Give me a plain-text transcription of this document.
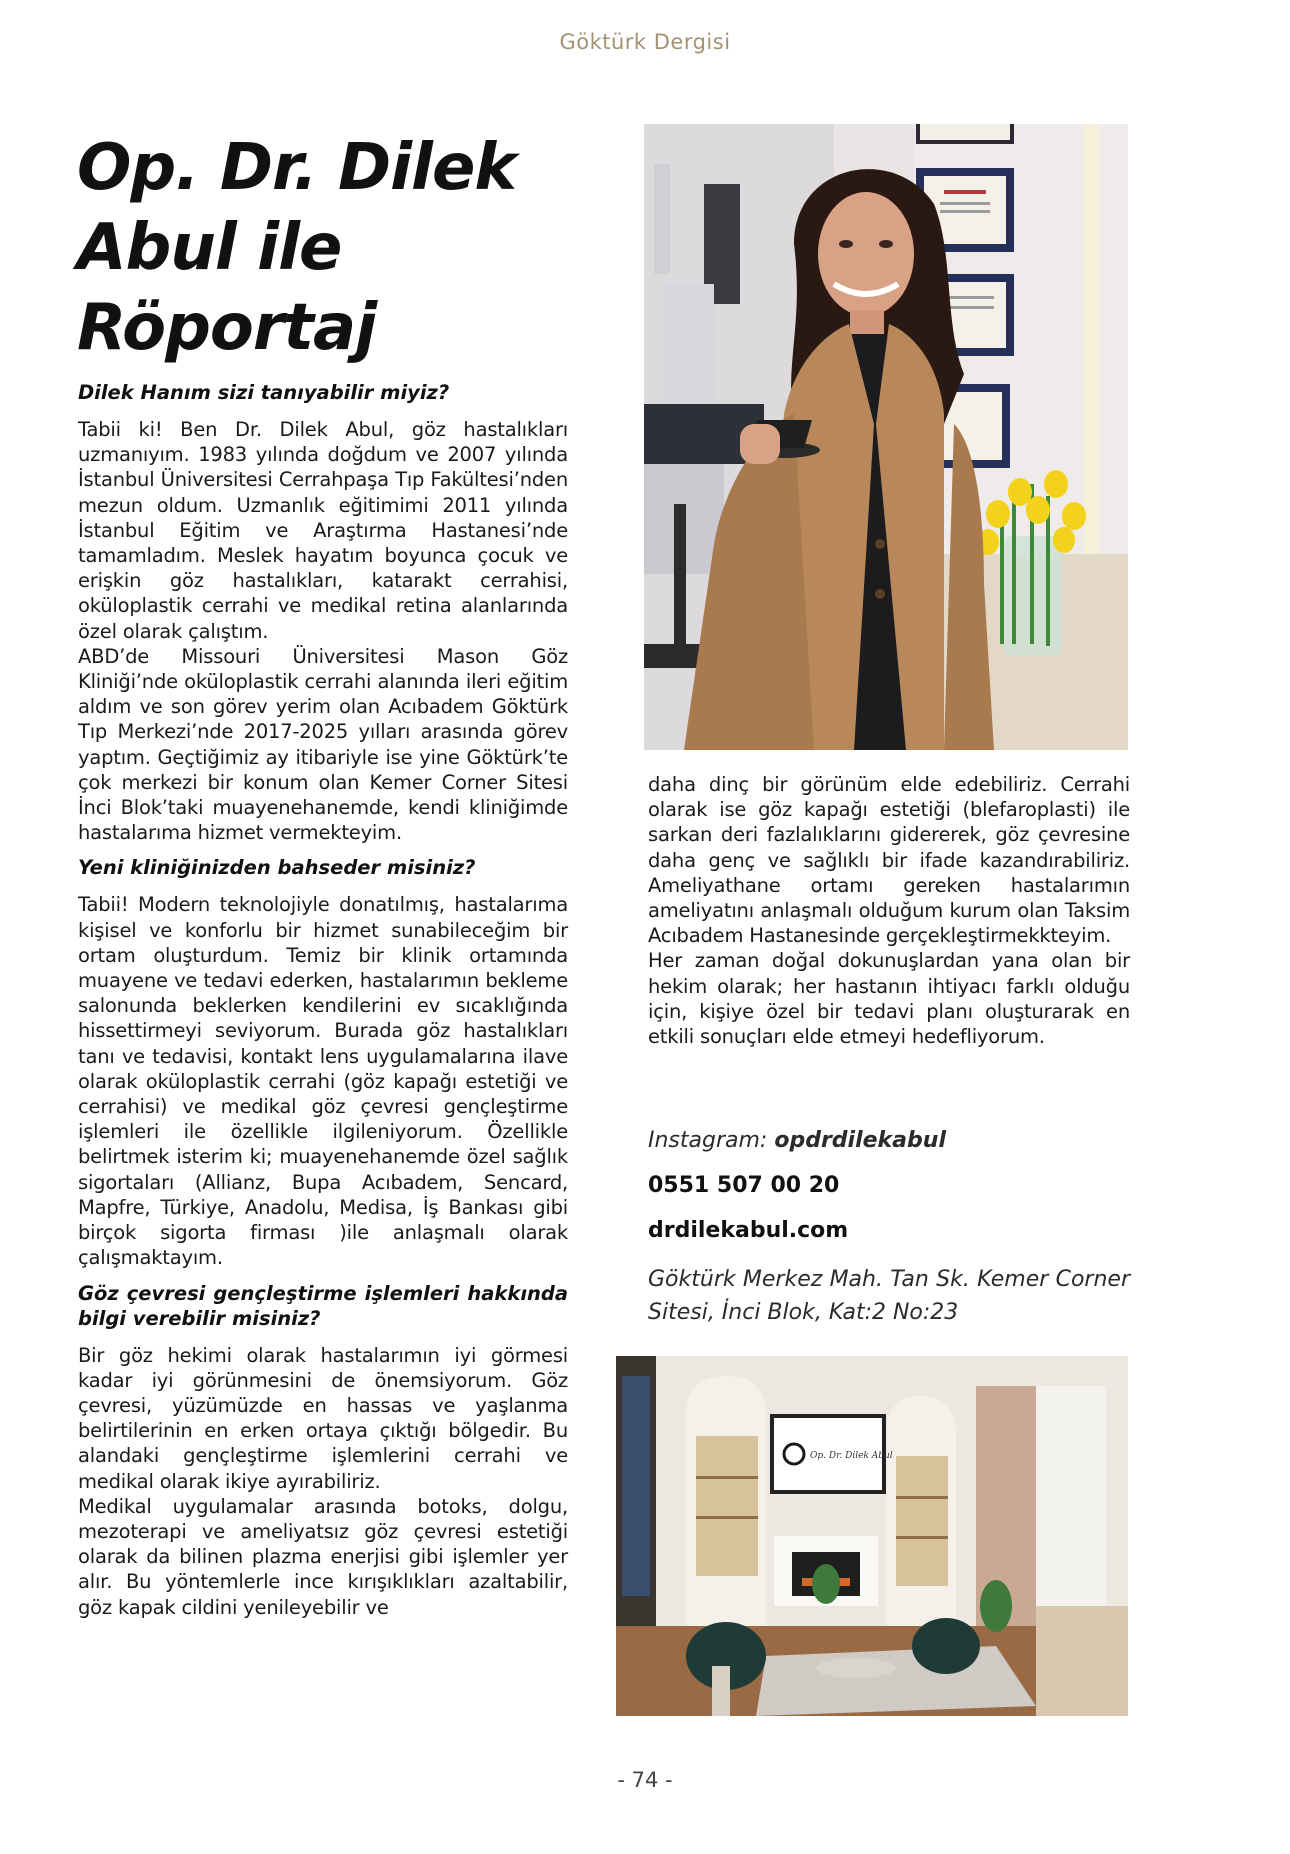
Göktürk Dergisi
Op. Dr. Dilek
Abul ile
Röportaj

Dilek Hanım sizi tanıyabilir miyiz?

Tabii ki! Ben Dr. Dilek Abul, göz hastalıkları uzmanıyım. 1983 yılında doğdum ve 2007 yılında İstanbul Üniversitesi Cerrahpaşa Tıp Fakültesi’nden mezun oldum. Uzmanlık eğitimimi 2011 yılında İstanbul Eğitim ve Araştırma Hastanesi’nde tamamladım. Meslek hayatım boyunca çocuk ve erişkin göz hastalıkları, katarakt cerrahisi, oküloplastik cerrahi ve medikal retina alanlarında özel olarak çalıştım.

ABD’de Missouri Üniversitesi Mason Göz Kliniği’nde oküloplastik cerrahi alanında ileri eğitim aldım ve son görev yerim olan Acıbadem Göktürk Tıp Merkezi’nde 2017-2025 yılları arasında görev yaptım. Geçtiğimiz ay itibariyle ise yine Göktürk’te çok merkezi bir konum olan Kemer Corner Sitesi İnci Blok’taki muayenehanemde, kendi kliniğimde hastalarıma hizmet vermekteyim.

Yeni kliniğinizden bahseder misiniz?

Tabii! Modern teknolojiyle donatılmış, hastalarıma kişisel ve konforlu bir hizmet sunabileceğim bir ortam oluşturdum. Temiz bir klinik ortamında muayene ve tedavi ederken, hastalarımın bekleme salonunda beklerken kendilerini ev sıcaklığında hissettirmeyi seviyorum. Burada göz hastalıkları tanı ve tedavisi, kontakt lens uygulamalarına ilave olarak oküloplastik cerrahi (göz kapağı estetiği ve cerrahisi) ve medikal göz çevresi gençleştirme işlemleri ile özellikle ilgileniyorum. Özellikle belirtmek isterim ki; muayenehanemde özel sağlık sigortaları (Allianz, Bupa Acıbadem, Sencard, Mapfre, Türkiye, Anadolu, Medisa, İş Bankası gibi birçok sigorta firması )ile anlaşmalı olarak çalışmaktayım.

Göz çevresi gençleştirme işlemleri hakkında bilgi verebilir misiniz?

Bir göz hekimi olarak hastalarımın iyi görmesi kadar iyi görünmesini de önemsiyorum. Göz çevresi, yüzümüzde en hassas ve yaşlanma belirtilerinin en erken ortaya çıktığı bölgedir. Bu alandaki gençleştirme işlemlerini cerrahi ve medikal olarak ikiye ayırabiliriz.

Medikal uygulamalar arasında botoks, dolgu, mezoterapi ve ameliyatsız göz çevresi estetiği olarak da bilinen plazma enerjisi gibi işlemler yer alır. Bu yöntemlerle ince kırışıklıkları azaltabilir, göz kapak cildini yenileyebilir ve

daha dinç bir görünüm elde edebiliriz. Cerrahi olarak ise göz kapağı estetiği (blefaroplasti) ile sarkan deri fazlalıklarını gidererek, göz çevresine daha genç ve sağlıklı bir ifade kazandırabiliriz. Ameliyathane ortamı gereken hastalarımın ameliyatını anlaşmalı olduğum kurum olan Taksim Acıbadem Hastanesinde gerçekleştirmekkteyim.

Her zaman doğal dokunuşlardan yana olan bir hekim olarak; her hastanın ihtiyacı farklı olduğu için, kişiye özel bir tedavi planı oluşturarak en etkili sonuçları elde etmeyi hedefliyorum.

Instagram: opdrdilekabul

0551 507 00 20

drdilekabul.com

Göktürk Merkez Mah. Tan Sk. Kemer Corner Sitesi, İnci Blok, Kat:2 No:23

Op. Dr. Dilek Abul
- 74 -
